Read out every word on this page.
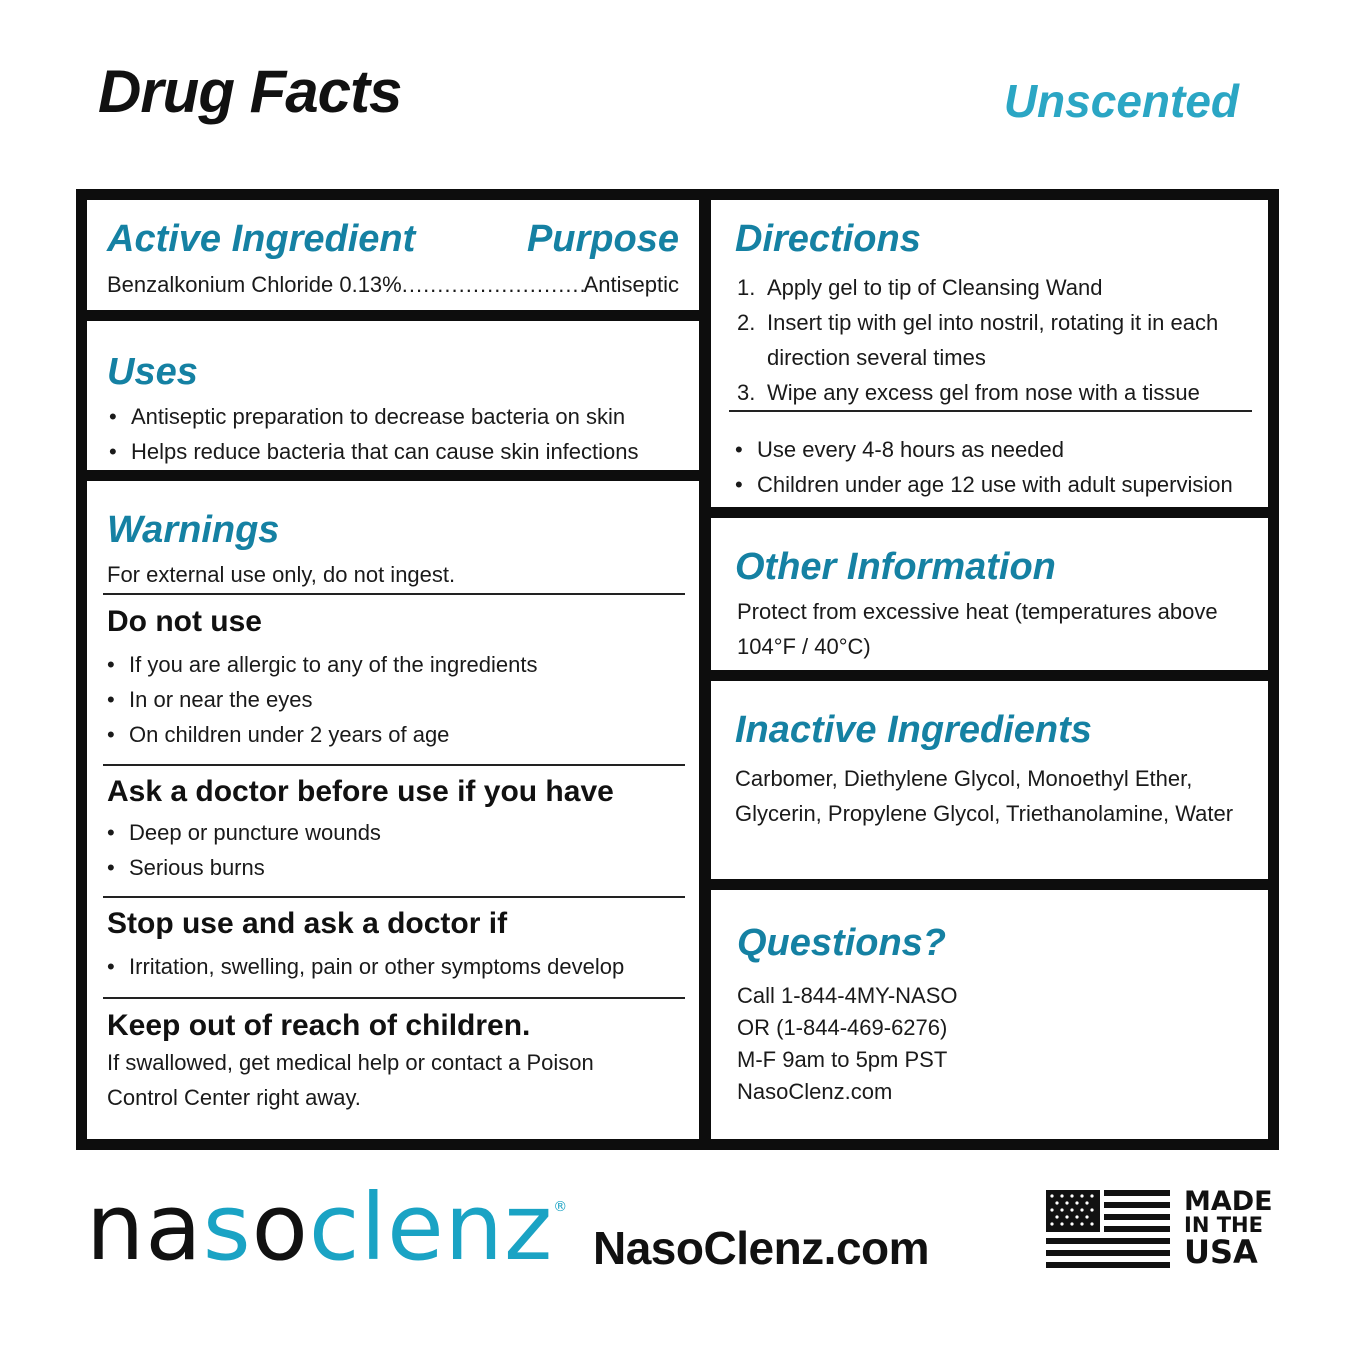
Drug Facts	Unscented
Active Ingredient	Purpose
Benzalkonium Chloride 0.13%
.....	Antiseptic
Uses
• Antiseptic preparation to decrease bacteria on skin
• Helps reduce bacteria that can cause skin infections
Warnings
For external use only, do not ingest.
Do not use
• If you are allergic to any of the ingredients
• In or near the eyes
• On children under 2 years of age
Ask a doctor before use if you have
• Deep or puncture wounds
• Serious burns
Stop use and ask a doctor if
• Irritation, swelling, pain or other symptoms develop
Keep out of reach of children.
If swallowed, get medical help or contact a Poison Control Center right away.
Directions
1. Apply gel to tip of Cleansing Wand
2. Insert tip with gel into nostril, rotating it in each direction several times
3. Wipe any excess gel from nose with a tissue
• Use every 4-8 hours as needed
• Children under age 12 use with adult supervision
Other Information
Protect from excessive heat (temperatures above 104°F / 40°C)
Inactive Ingredients
Carbomer, Diethylene Glycol, Monoethyl Ether, Glycerin, Propylene Glycol, Triethanolamine, Water
Questions?
Call 1-844-4MY-NASO
OR (1-844-469-6276)
M-F 9am to 5pm PST
NasoClenz.com
nasoclenz®
NasoClenz.com
MADE
IN THE
USA
